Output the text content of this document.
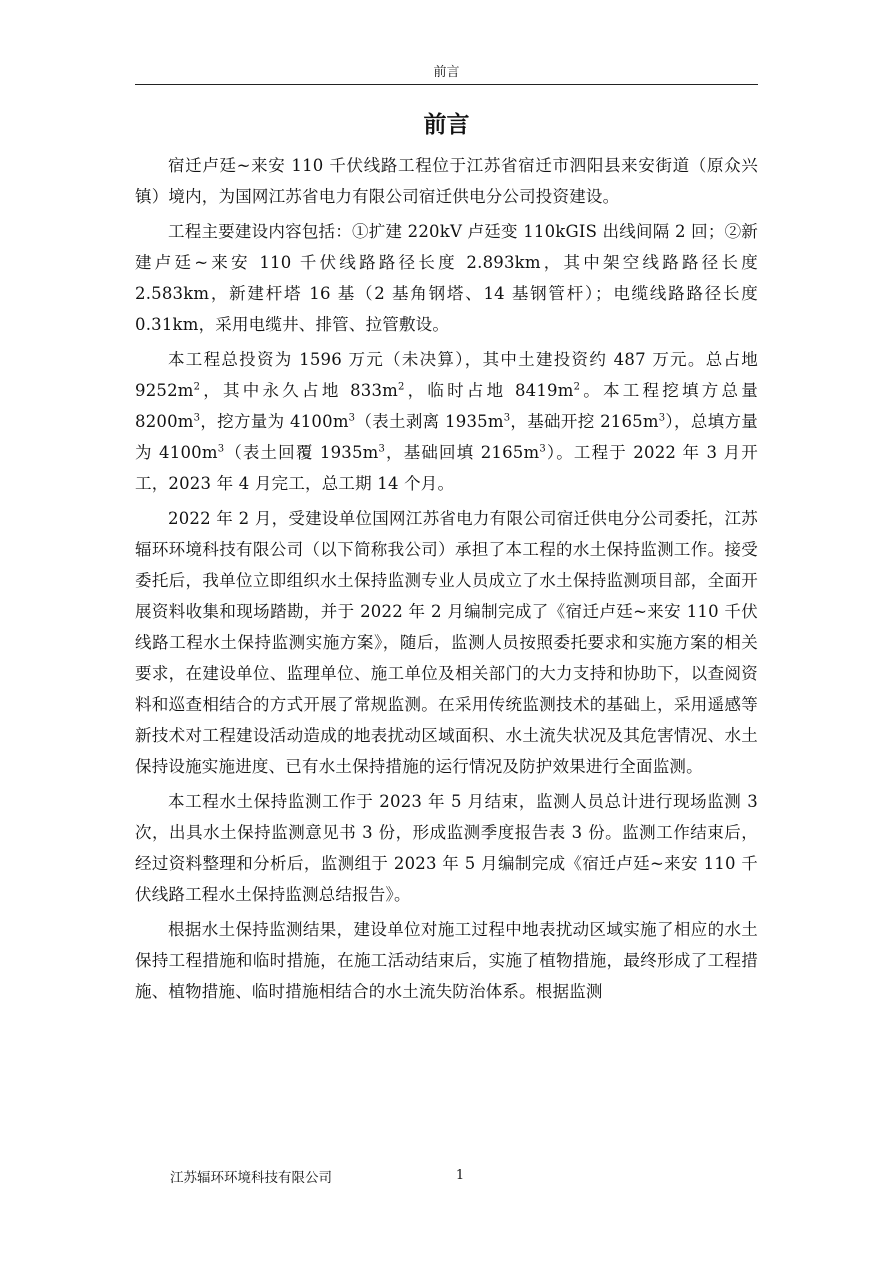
前言
前言

宿迁卢廷~来安 110 千伏线路工程位于江苏省宿迁市泗阳县来安街道（原众兴镇）境内，为国网江苏省电力有限公司宿迁供电分公司投资建设。

工程主要建设内容包括：①扩建 220kV 卢廷变 110kGIS 出线间隔 2 回；②新建卢廷~来安 110 千伏线路路径长度 2.893km，其中架空线路路径长度 2.583km，新建杆塔 16 基（2 基角钢塔、14 基钢管杆）；电缆线路路径长度 0.31km，采用电缆井、排管、拉管敷设。

本工程总投资为 1596 万元（未决算），其中土建投资约 487 万元。总占地 $9252m^2$，其中永久占地 $833m^2$，临时占地 $8419m^2$。本工程挖填方总量 $8200m^3$，挖方量为 $4100m^3$（表土剥离 $1935m^3$，基础开挖 $2165m^3$），总填方量为 $4100m^3$（表土回覆 $1935m^3$，基础回填 $2165m^3$）。工程于 2022 年 3 月开工，2023 年 4 月完工，总工期 14 个月。

2022 年 2 月，受建设单位国网江苏省电力有限公司宿迁供电分公司委托，江苏辐环环境科技有限公司（以下简称我公司）承担了本工程的水土保持监测工作。接受委托后，我单位立即组织水土保持监测专业人员成立了水土保持监测项目部，全面开展资料收集和现场踏勘，并于 2022 年 2 月编制完成了《宿迁卢廷~来安 110 千伏线路工程水土保持监测实施方案》，随后，监测人员按照委托要求和实施方案的相关要求，在建设单位、监理单位、施工单位及相关部门的大力支持和协助下，以查阅资料和巡查相结合的方式开展了常规监测。在采用传统监测技术的基础上，采用遥感等新技术对工程建设活动造成的地表扰动区域面积、水土流失状况及其危害情况、水土保持设施实施进度、已有水土保持措施的运行情况及防护效果进行全面监测。

本工程水土保持监测工作于 2023 年 5 月结束，监测人员总计进行现场监测 3 次，出具水土保持监测意见书 3 份，形成监测季度报告表 3 份。监测工作结束后，经过资料整理和分析后，监测组于 2023 年 5 月编制完成《宿迁卢廷~来安 110 千伏线路工程水土保持监测总结报告》。

根据水土保持监测结果，建设单位对施工过程中地表扰动区域实施了相应的水土保持工程措施和临时措施，在施工活动结束后，实施了植物措施，最终形成了工程措施、植物措施、临时措施相结合的水土流失防治体系。根据监测

江苏辐环环境科技有限公司	1
